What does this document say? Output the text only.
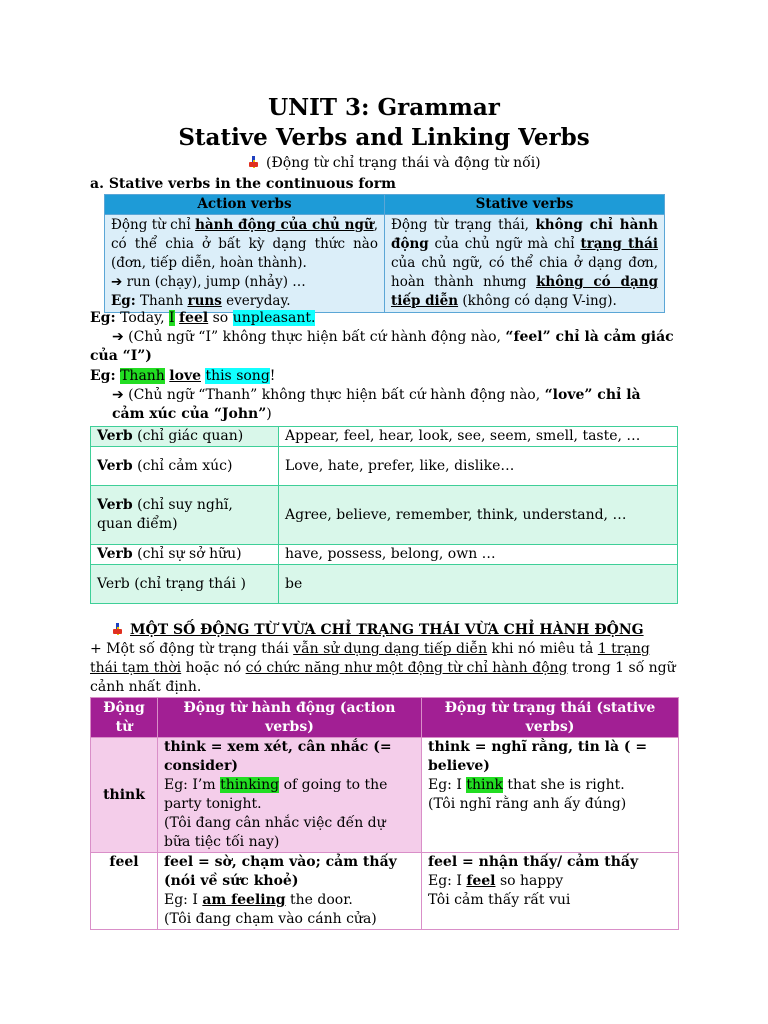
UNIT 3: Grammar
Stative Verbs and Linking Verbs
(Động từ chỉ trạng thái và động từ nối)
a. Stative verbs in the continuous form
Action verbs	Stative verbs
Động từ chỉ hành động của chủ ngữ, có thể chia ở bất kỳ dạng thức nào (đơn, tiếp diễn, hoàn thành).
➔ run (chạy), jump (nhảy) …
Eg: Thanh runs everyday.	Động từ trạng thái, không chỉ hành động của chủ ngữ mà chỉ trạng thái của chủ ngữ, có thể chia ở dạng đơn, hoàn thành nhưng không có dạng tiếp diễn (không có dạng V-ing).
Eg: Today, I feel so unpleasant.
➔ (Chủ ngữ “I” không thực hiện bất cứ hành động nào, “feel” chỉ là cảm giác của “I”)
Eg: Thanh love this song!
➔ (Chủ ngữ “Thanh” không thực hiện bất cứ hành động nào, “love” chỉ là cảm xúc của “John”)
Verb (chỉ giác quan)	Appear, feel, hear, look, see, seem, smell, taste, …
Verb (chỉ cảm xúc)	Love, hate, prefer, like, dislike…
Verb (chỉ suy nghĩ, quan điểm)	Agree, believe, remember, think, understand, …
Verb (chỉ sự sở hữu)	have, possess, belong, own …
Verb (chỉ trạng thái )	be
MỘT SỐ ĐỘNG TỪ VỪA CHỈ TRẠNG THÁI VỪA CHỈ HÀNH ĐỘNG
+ Một số động từ trạng thái vẫn sử dụng dạng tiếp diễn khi nó miêu tả 1 trạng thái tạm thời hoặc nó có chức năng như một động từ chỉ hành động trong 1 số ngữ cảnh nhất định.
Động từ	Động từ hành động (action verbs)	Động từ trạng thái (stative verbs)
think	think = xem xét, cân nhắc (= consider)
Eg: I’m thinking of going to the party tonight.
(Tôi đang cân nhắc việc đến dự bữa tiệc tối nay)	think = nghĩ rằng, tin là ( = believe)
Eg: I think that she is right.
(Tôi nghĩ rằng anh ấy đúng)
feel	feel = sờ, chạm vào; cảm thấy (nói về sức khoẻ)
Eg: I am feeling the door.
(Tôi đang chạm vào cánh cửa)	feel = nhận thấy/ cảm thấy
Eg: I feel so happy
Tôi cảm thấy rất vui
